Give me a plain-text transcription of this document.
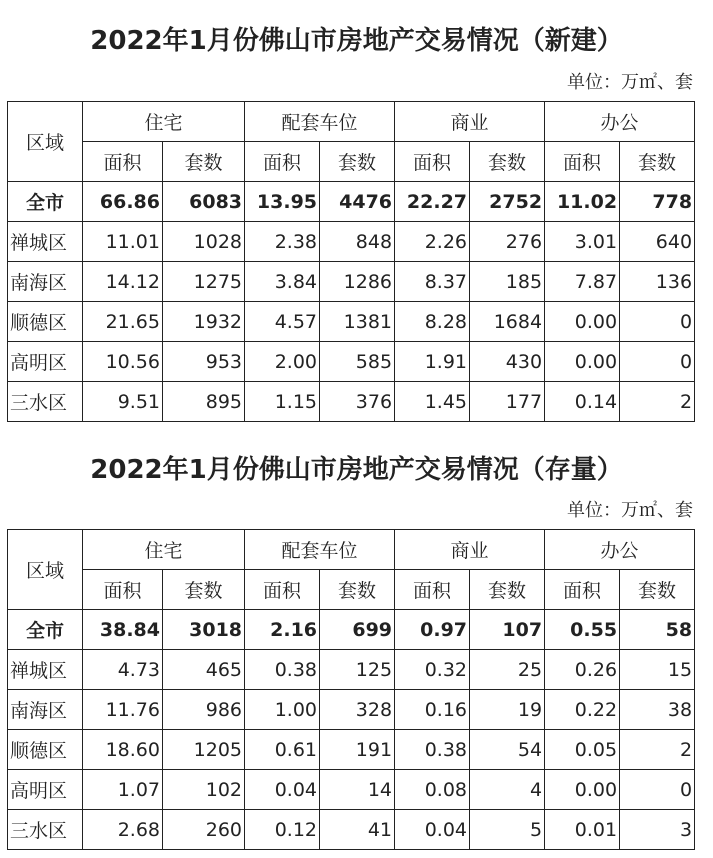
2022年1月份佛山市房地产交易情况（新建）
单位：万㎡、套
区域	住宅		配套车位		商业		办公	
	面积	套数	面积	套数	面积	套数	面积	套数
全市	66.86	6083	13.95	4476	22.27	2752	11.02	778
禅城区	11.01	1028	2.38	848	2.26	276	3.01	640
南海区	14.12	1275	3.84	1286	8.37	185	7.87	136
顺德区	21.65	1932	4.57	1381	8.28	1684	0.00	0
高明区	10.56	953	2.00	585	1.91	430	0.00	0
三水区	9.51	895	1.15	376	1.45	177	0.14	2
2022年1月份佛山市房地产交易情况（存量）
单位：万㎡、套
区域	住宅		配套车位		商业		办公	
	面积	套数	面积	套数	面积	套数	面积	套数
全市	38.84	3018	2.16	699	0.97	107	0.55	58
禅城区	4.73	465	0.38	125	0.32	25	0.26	15
南海区	11.76	986	1.00	328	0.16	19	0.22	38
顺德区	18.60	1205	0.61	191	0.38	54	0.05	2
高明区	1.07	102	0.04	14	0.08	4	0.00	0
三水区	2.68	260	0.12	41	0.04	5	0.01	3
